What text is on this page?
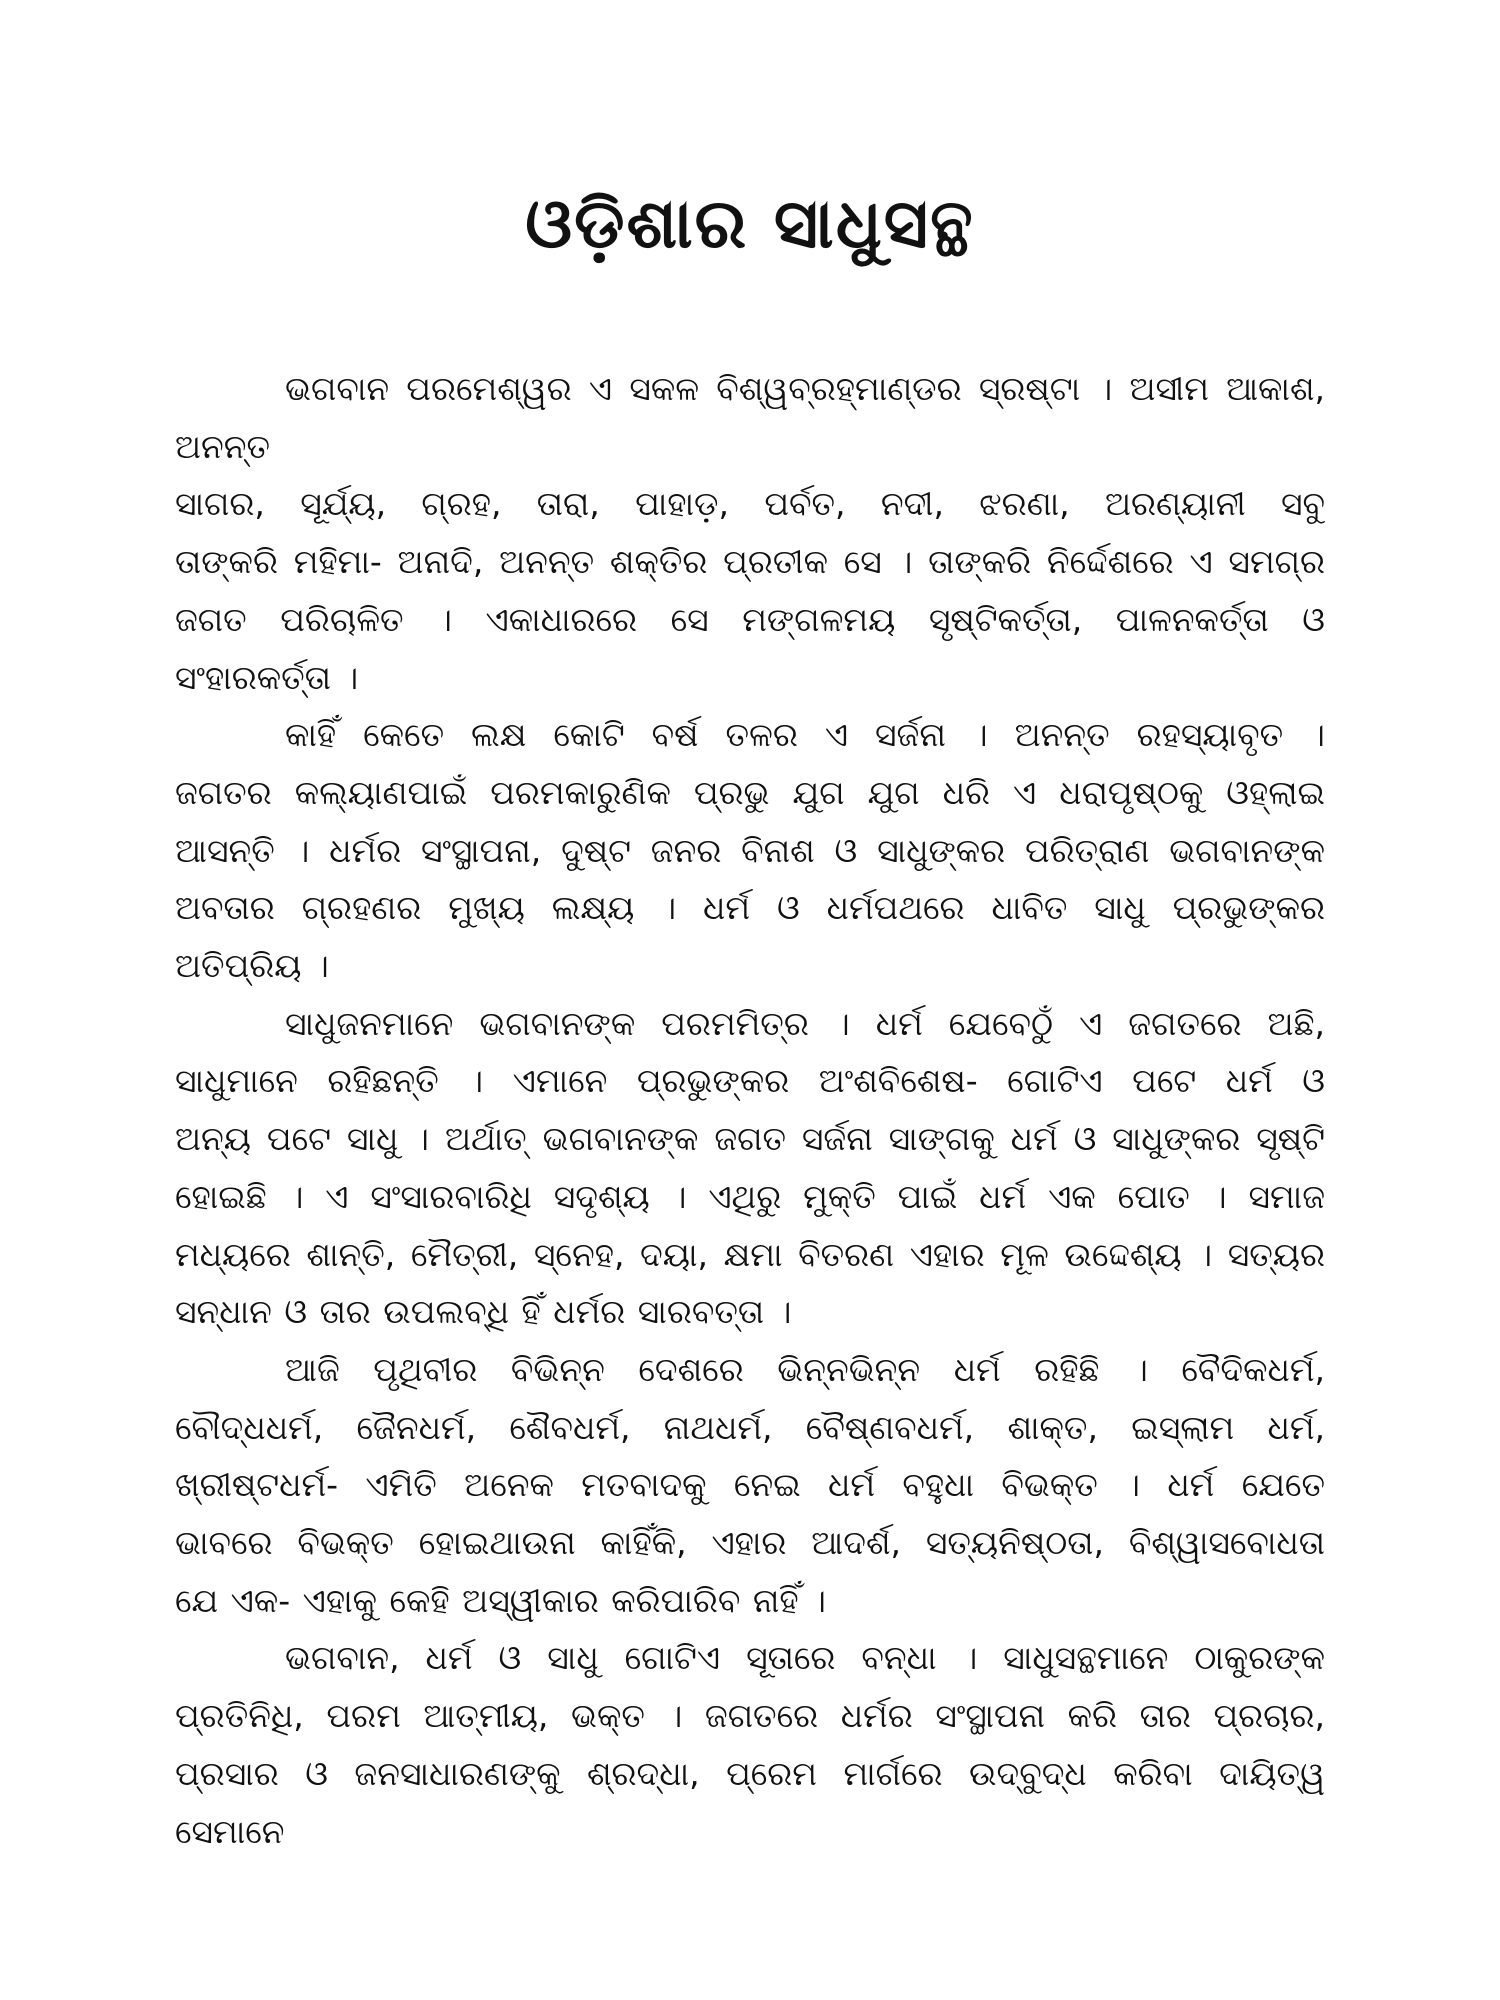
ଓଡ଼ିଶାର ସାଧୁସନ୍ଥ

ଭଗବାନ ପରମେଶ୍ୱର ଏ ସକଳ ବିଶ୍ୱବ୍ରହ୍ମାଣ୍ଡର ସ୍ରଷ୍ଟା । ଅସୀମ ଆକାଶ, ଅନନ୍ତ
ସାଗର, ସୂର୍ଯ୍ୟ, ଗ୍ରହ, ତାରା, ପାହାଡ଼, ପର୍ବତ, ନଦୀ, ଝରଣା, ଅରଣ୍ୟାନୀ ସବୁ
ତାଙ୍କରି ମହିମା- ଅନାଦି, ଅନନ୍ତ ଶକ୍ତିର ପ୍ରତୀକ ସେ । ତାଙ୍କରି ନିର୍ଦ୍ଦେଶରେ ଏ ସମଗ୍ର
ଜଗତ ପରିଚାଳିତ । ଏକାଧାରରେ ସେ ମଙ୍ଗଳମୟ ସୃଷ୍ଟିକର୍ତ୍ତା, ପାଳନକର୍ତ୍ତା ଓ
ସଂହାରକର୍ତ୍ତା ।

କାହିଁ କେତେ ଲକ୍ଷ କୋଟି ବର୍ଷ ତଳର ଏ ସର୍ଜନା । ଅନନ୍ତ ରହସ୍ୟାବୃତ ।
ଜଗତର କଲ୍ୟାଣପାଇଁ ପରମକାରୁଣିକ ପ୍ରଭୁ ଯୁଗ ଯୁଗ ଧରି ଏ ଧରାପୃଷ୍ଠକୁ ଓହ୍ଲାଇ
ଆସନ୍ତି । ଧର୍ମର ସଂସ୍ଥାପନା, ଦୁଷ୍ଟ ଜନର ବିନାଶ ଓ ସାଧୁଙ୍କର ପରିତ୍ରାଣ ଭଗବାନଙ୍କ
ଅବତାର ଗ୍ରହଣର ମୁଖ୍ୟ ଲକ୍ଷ୍ୟ । ଧର୍ମ ଓ ଧର୍ମପଥରେ ଧାବିତ ସାଧୁ ପ୍ରଭୁଙ୍କର
ଅତିପ୍ରିୟ ।

ସାଧୁଜନମାନେ ଭଗବାନଙ୍କ ପରମମିତ୍ର । ଧର୍ମ ଯେବେଠୁଁ ଏ ଜଗତରେ ଅଛି,
ସାଧୁମାନେ ରହିଛନ୍ତି । ଏମାନେ ପ୍ରଭୁଙ୍କର ଅଂଶବିଶେଷ- ଗୋଟିଏ ପଟେ ଧର୍ମ ଓ
ଅନ୍ୟ ପଟେ ସାଧୁ । ଅର୍ଥାତ୍ ଭଗବାନଙ୍କ ଜଗତ ସର୍ଜନା ସାଙ୍ଗକୁ ଧର୍ମ ଓ ସାଧୁଙ୍କର ସୃଷ୍ଟି
ହୋଇଛି । ଏ ସଂସାରବାରିଧି ସଦୃଶ୍ୟ । ଏଥିରୁ ମୁକ୍ତି ପାଇଁ ଧର୍ମ ଏକ ପୋତ । ସମାଜ
ମଧ୍ୟରେ ଶାନ୍ତି, ମୈତ୍ରୀ, ସ୍ନେହ, ଦୟା, କ୍ଷମା ବିତରଣ ଏହାର ମୂଳ ଉଦ୍ଦେଶ୍ୟ । ସତ୍ୟର
ସନ୍ଧାନ ଓ ତାର ଉପଲବ୍ଧି ହିଁ ଧର୍ମର ସାରବତ୍ତା ।

ଆଜି ପୃଥିବୀର ବିଭିନ୍ନ ଦେଶରେ ଭିନ୍ନଭିନ୍ନ ଧର୍ମ ରହିଛି । ବୈଦିକଧର୍ମ,
ବୌଦ୍ଧଧର୍ମ, ଜୈନଧର୍ମ, ଶୈବଧର୍ମ, ନାଥଧର୍ମ, ବୈଷ୍ଣବଧର୍ମ, ଶାକ୍ତ, ଇସ୍‌ଲାମ ଧର୍ମ,
ଖ୍ରୀଷ୍ଟଧର୍ମ- ଏମିତି ଅନେକ ମତବାଦକୁ ନେଇ ଧର୍ମ ବହୁଧା ବିଭକ୍ତ । ଧର୍ମ ଯେତେ
ଭାବରେ ବିଭକ୍ତ ହୋଇଥାଉନା କାହିଁକି, ଏହାର ଆଦର୍ଶ, ସତ୍ୟନିଷ୍ଠତା, ବିଶ୍ୱାସବୋଧତା
ଯେ ଏକ- ଏହାକୁ କେହି ଅସ୍ୱୀକାର କରିପାରିବ ନାହିଁ ।

ଭଗବାନ, ଧର୍ମ ଓ ସାଧୁ ଗୋଟିଏ ସୂତାରେ ବନ୍ଧା । ସାଧୁସନ୍ଥମାନେ ଠାକୁରଙ୍କ
ପ୍ରତିନିଧି, ପରମ ଆତ୍ମୀୟ, ଭକ୍ତ । ଜଗତରେ ଧର୍ମର ସଂସ୍ଥାପନା କରି ତାର ପ୍ରଚାର,
ପ୍ରସାର ଓ ଜନସାଧାରଣଙ୍କୁ ଶ୍ରଦ୍ଧା, ପ୍ରେମ ମାର୍ଗରେ ଉଦ୍‌ବୁଦ୍ଧ କରିବା ଦାୟିତ୍ୱ ସେମାନେ
